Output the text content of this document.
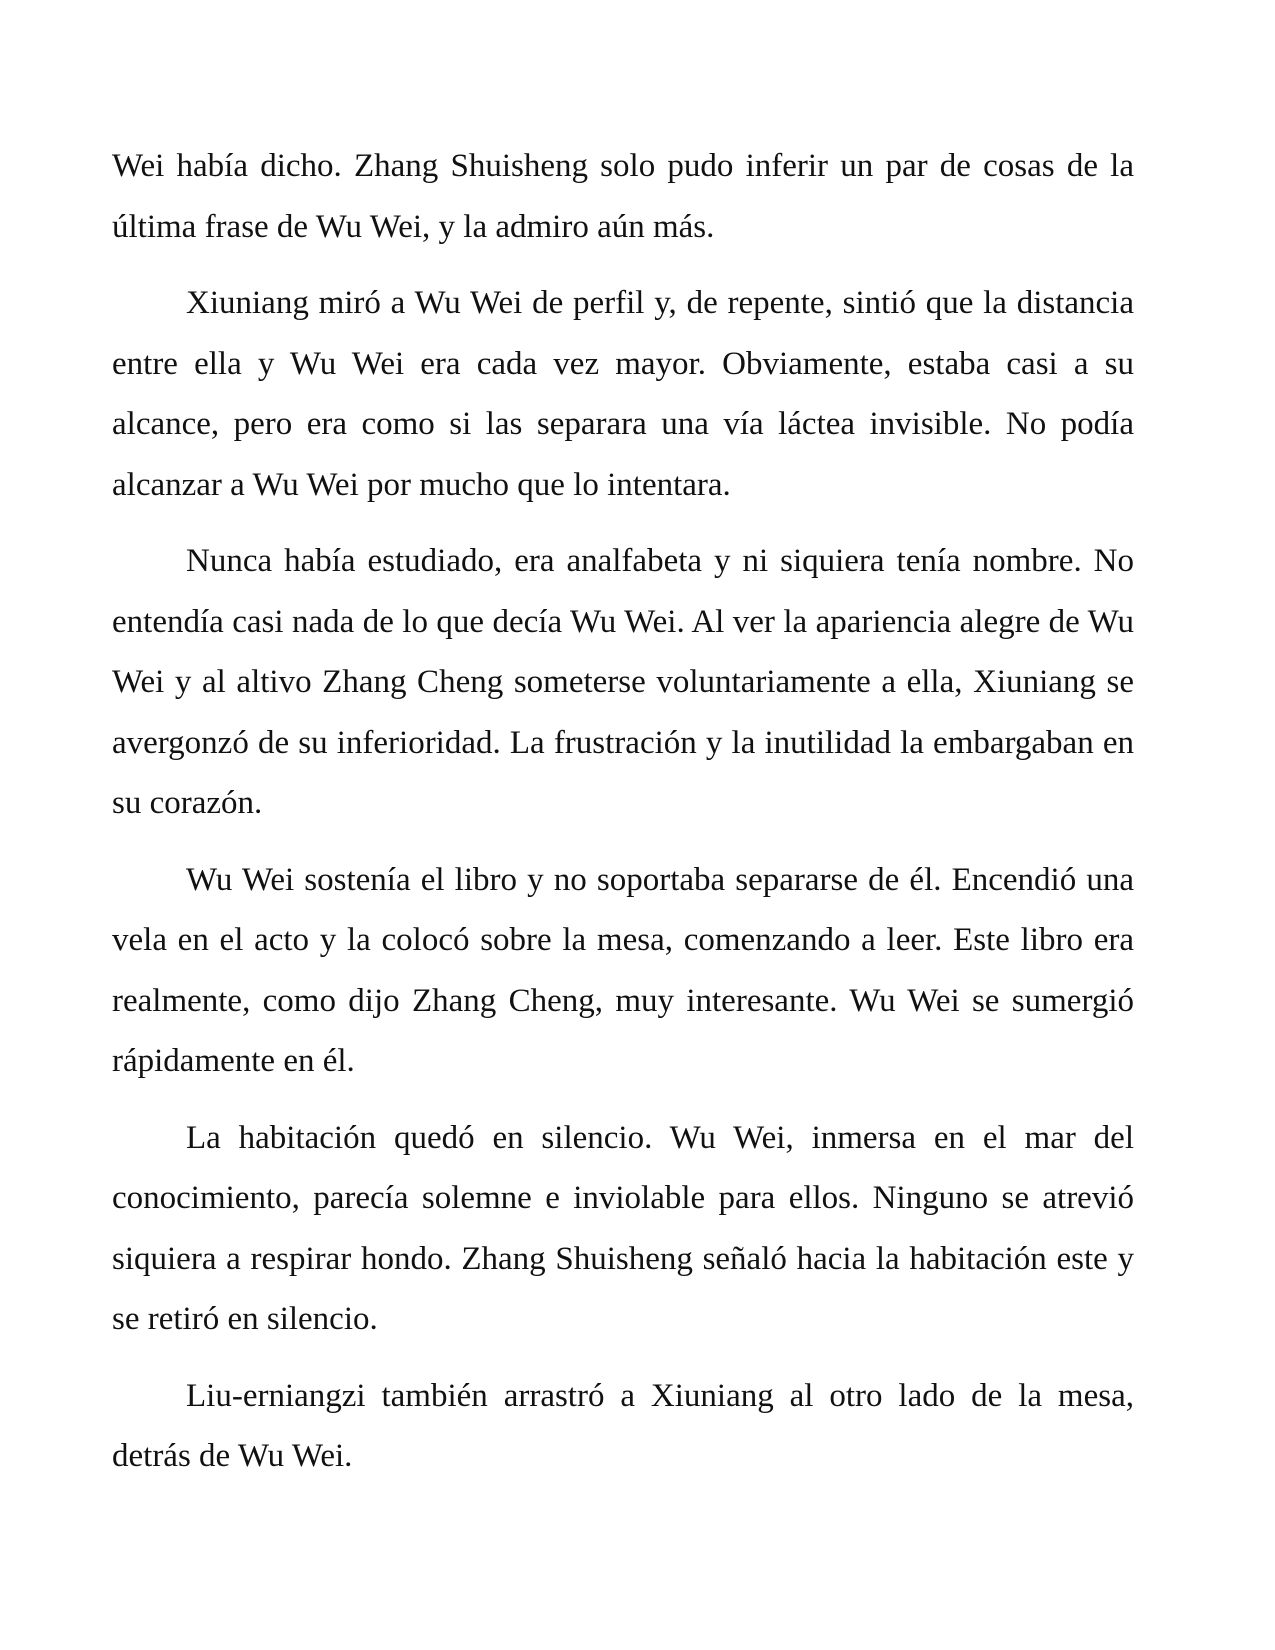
Wei había dicho. Zhang Shuisheng solo pudo inferir un par de cosas de la última frase de Wu Wei, y la admiro aún más.

Xiuniang miró a Wu Wei de perfil y, de repente, sintió que la distancia entre ella y Wu Wei era cada vez mayor. Obviamente, estaba casi a su alcance, pero era como si las separara una vía láctea invisible. No podía alcanzar a Wu Wei por mucho que lo intentara.

Nunca había estudiado, era analfabeta y ni siquiera tenía nombre. No entendía casi nada de lo que decía Wu Wei. Al ver la apariencia alegre de Wu Wei y al altivo Zhang Cheng someterse voluntariamente a ella, Xiuniang se avergonzó de su inferioridad. La frustración y la inutilidad la embargaban en su corazón.

Wu Wei sostenía el libro y no soportaba separarse de él. Encendió una vela en el acto y la colocó sobre la mesa, comenzando a leer. Este libro era realmente, como dijo Zhang Cheng, muy interesante. Wu Wei se sumergió rápidamente en él.

La habitación quedó en silencio. Wu Wei, inmersa en el mar del conocimiento, parecía solemne e inviolable para ellos. Ninguno se atrevió siquiera a respirar hondo. Zhang Shuisheng señaló hacia la habitación este y se retiró en silencio.

Liu-erniangzi también arrastró a Xiuniang al otro lado de la mesa, detrás de Wu Wei.
